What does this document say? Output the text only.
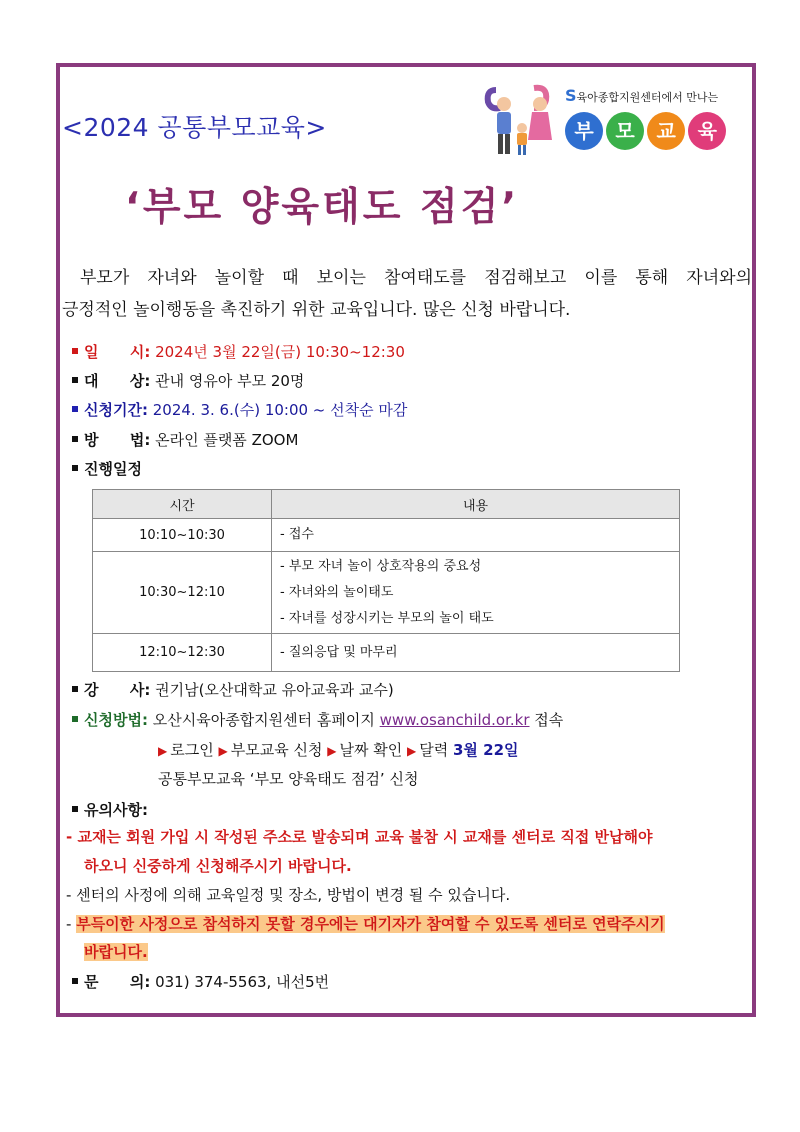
<2024 공통부모교육>
S육아종합지원센터에서 만나는
부 모 교 육
‘부모 양육태도 점검’
부모가 자녀와 놀이할 때 보이는 참여태도를 점검해보고 이를 통해 자녀와의
긍정적인 놀이행동을 촉진하기 위한 교육입니다. 많은 신청 바랍니다.
일      시: 2024년 3월 22일(금) 10:30~12:30
대      상: 관내 영유아 부모 20명
신청기간: 2024. 3. 6.(수) 10:00 ~ 선착순 마감
방      법: 온라인 플랫폼 ZOOM
진행일정
시간	내용
10:10~10:30	- 접수

10:30~12:10	- 부모 자녀 놀이 상호작용의 중요성
- 자녀와의 놀이태도
- 자녀를 성장시키는 부모의 놀이 태도

12:10~12:30	- 질의응답 및 마무리
강      사: 권기남(오산대학교 유아교육과 교수)
신청방법: 오산시육아종합지원센터 홈페이지 www.osanchild.or.kr 접속
▶ 로그인 ▶ 부모교육 신청 ▶ 날짜 확인 ▶ 달력 3월 22일
공통부모교육 ‘부모 양육태도 점검’ 신청
유의사항:
- 교재는 회원 가입 시 작성된 주소로 발송되며 교육 불참 시 교재를 센터로 직접 반납해야
하오니 신중하게 신청해주시기 바랍니다.
- 센터의 사정에 의해 교육일정 및 장소, 방법이 변경 될 수 있습니다.
- 부득이한 사정으로 참석하지 못할 경우에는 대기자가 참여할 수 있도록 센터로 연락주시기
바랍니다.
문      의: 031) 374-5563, 내선5번
